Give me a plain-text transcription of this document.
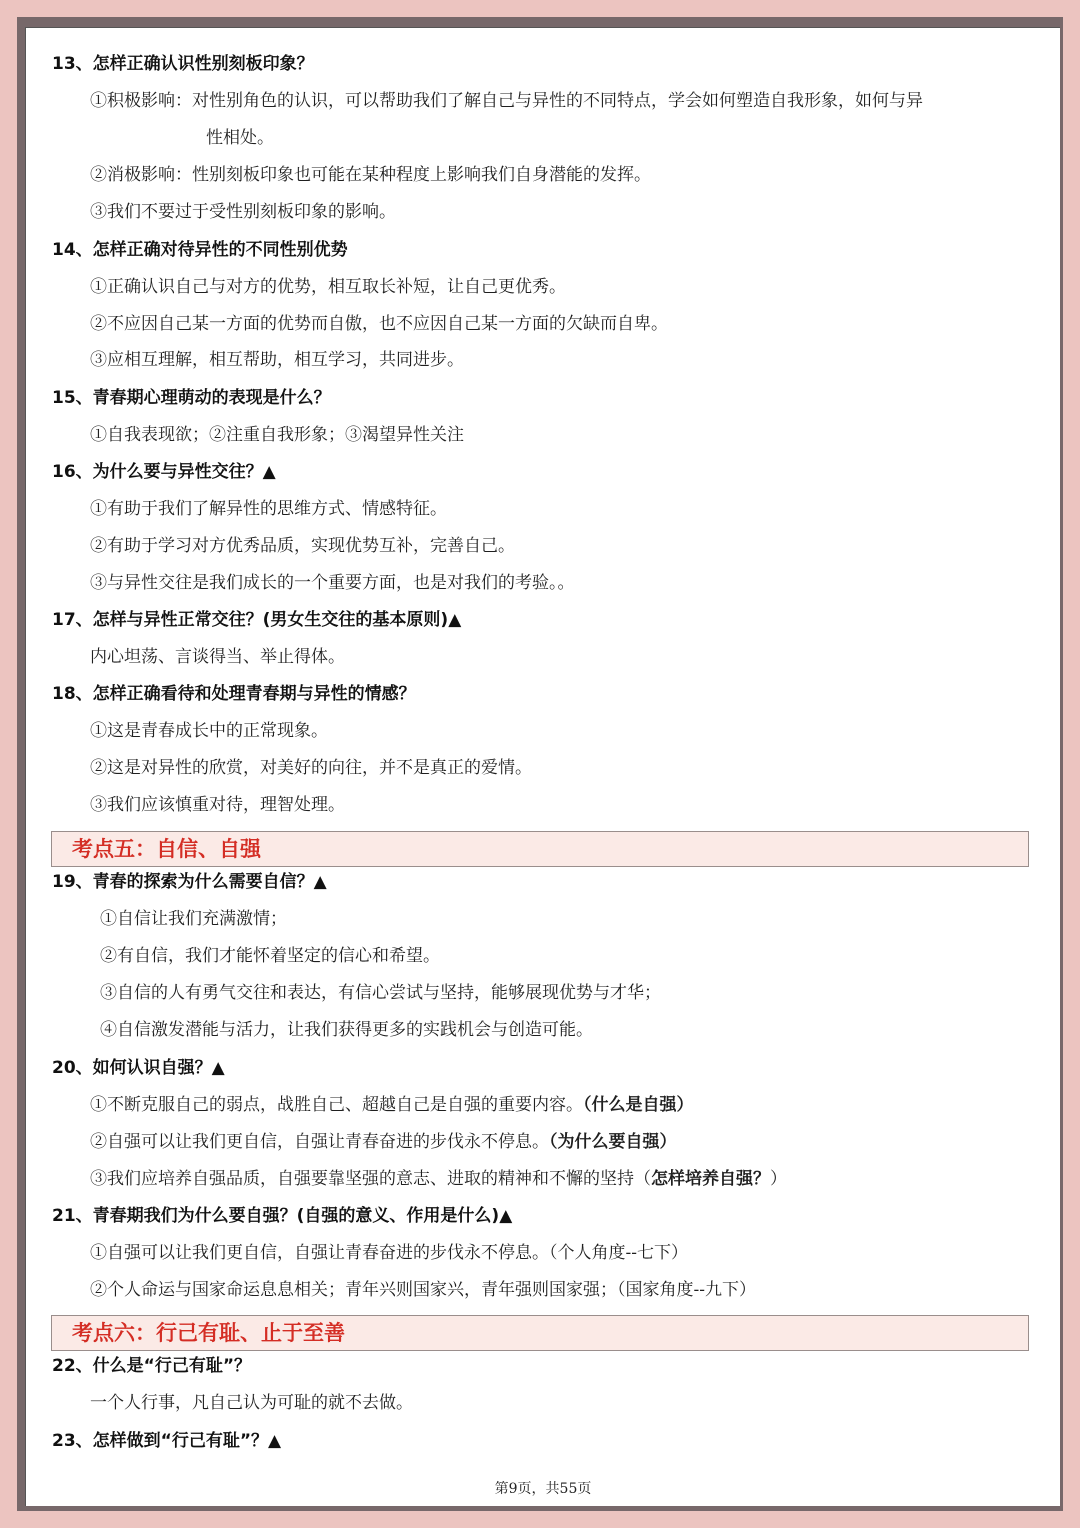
13、怎样正确认识性别刻板印象？
①积极影响：对性别角色的认识，可以帮助我们了解自己与异性的不同特点，学会如何塑造自我形象，如何与异
性相处。
②消极影响：性别刻板印象也可能在某种程度上影响我们自身潜能的发挥。
③我们不要过于受性别刻板印象的影响。
14、怎样正确对待异性的不同性别优势
①正确认识自己与对方的优势，相互取长补短，让自己更优秀。
②不应因自己某一方面的优势而自傲，也不应因自己某一方面的欠缺而自卑。
③应相互理解，相互帮助，相互学习，共同进步。
15、青春期心理萌动的表现是什么？
①自我表现欲；②注重自我形象；③渴望异性关注
16、为什么要与异性交往？▲
①有助于我们了解异性的思维方式、情感特征。
②有助于学习对方优秀品质，实现优势互补，完善自己。
③与异性交往是我们成长的一个重要方面，也是对我们的考验。。
17、怎样与异性正常交往？(男女生交往的基本原则)▲
内心坦荡、言谈得当、举止得体。
18、怎样正确看待和处理青春期与异性的情感？
①这是青春成长中的正常现象。
②这是对异性的欣赏，对美好的向往，并不是真正的爱情。
③我们应该慎重对待，理智处理。
考点五：自信、自强
19、青春的探索为什么需要自信？▲
①自信让我们充满激情；
②有自信，我们才能怀着坚定的信心和希望。
③自信的人有勇气交往和表达，有信心尝试与坚持，能够展现优势与才华；
④自信激发潜能与活力，让我们获得更多的实践机会与创造可能。
20、如何认识自强？▲
①不断克服自己的弱点，战胜自己、超越自己是自强的重要内容。（什么是自强）
②自强可以让我们更自信，自强让青春奋进的步伐永不停息。（为什么要自强）
③我们应培养自强品质，自强要靠坚强的意志、进取的精神和不懈的坚持（怎样培养自强？）
21、青春期我们为什么要自强？(自强的意义、作用是什么)▲
①自强可以让我们更自信，自强让青春奋进的步伐永不停息。（个人角度--七下）
②个人命运与国家命运息息相关；青年兴则国家兴，青年强则国家强；（国家角度--九下）
考点六：行己有耻、止于至善
22、什么是“行己有耻”？
一个人行事，凡自己认为可耻的就不去做。
23、怎样做到“行己有耻”？▲
第9页，共55页
